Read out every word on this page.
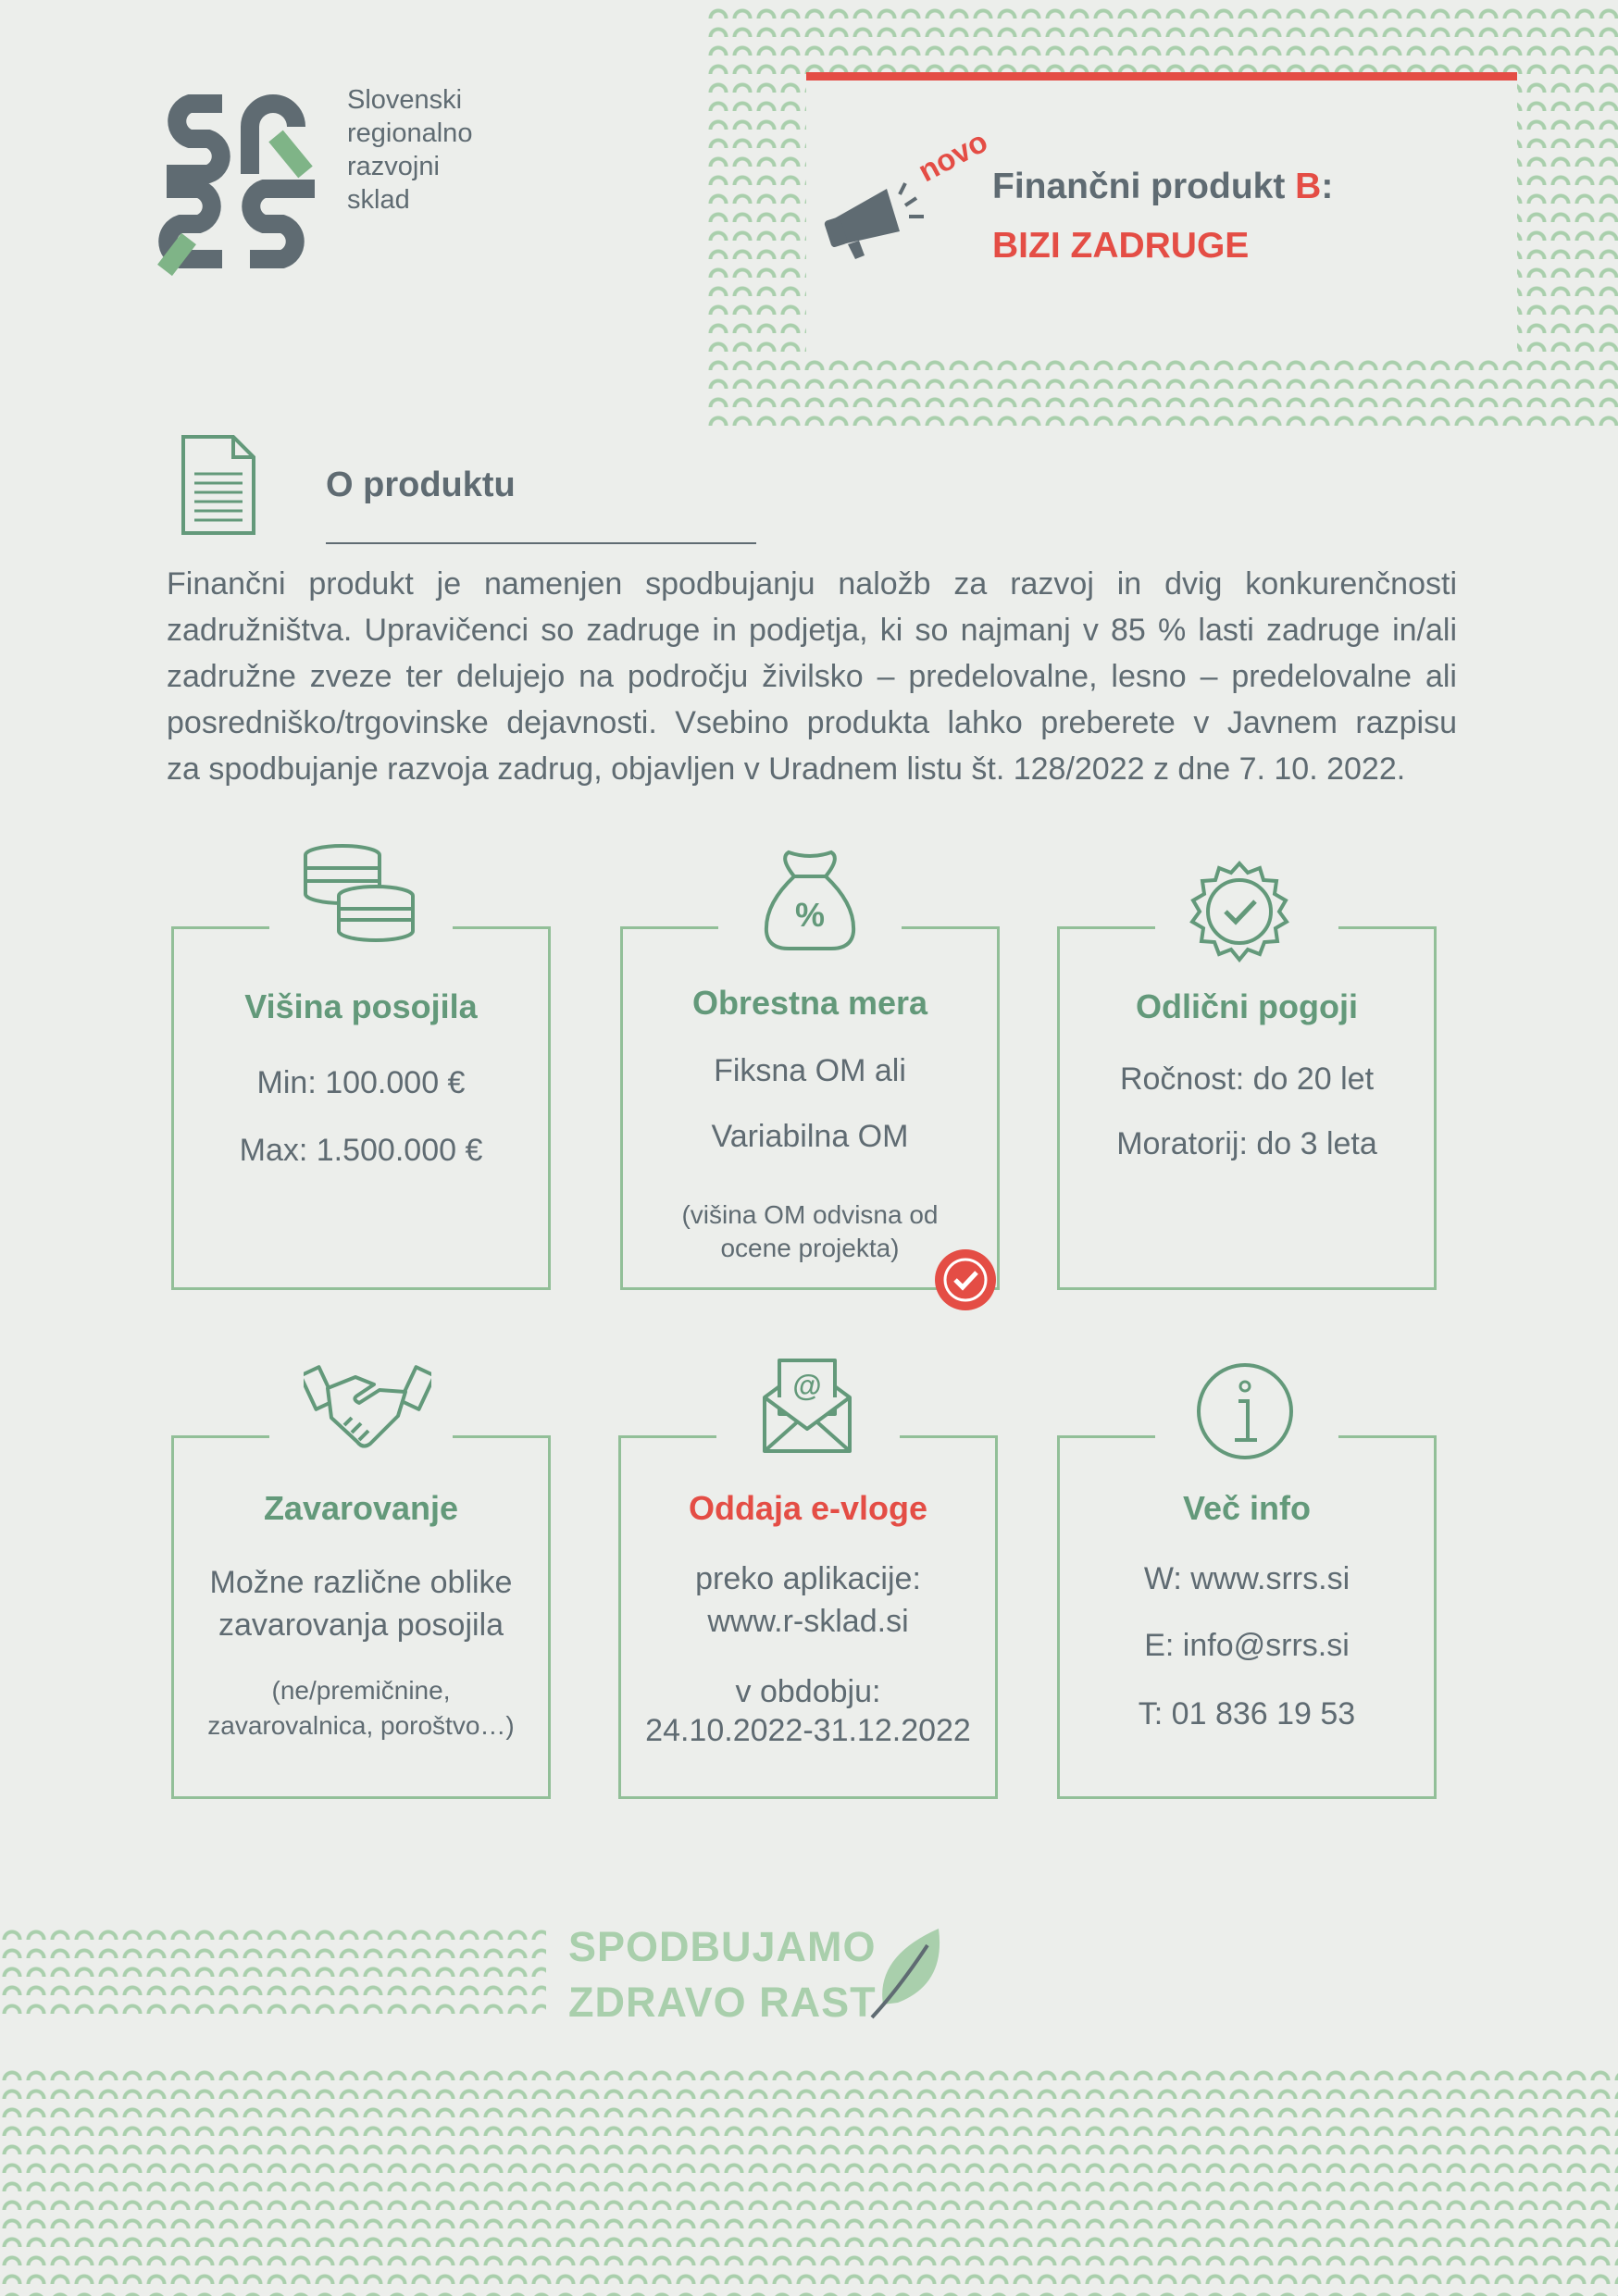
Slovenski
regionalno
razvojni
sklad
novo Finančni produkt B:
BIZI ZADRUGE
O produktu
Finančni produkt je namenjen spodbujanju naložb za razvoj in dvig konkurenčnosti
zadružništva. Upravičenci so zadruge in podjetja, ki so najmanj v 85 % lasti zadruge in/ali
zadružne zveze ter delujejo na področju živilsko – predelovalne, lesno – predelovalne ali
posredniško/trgovinske dejavnosti. Vsebino produkta lahko preberete v Javnem razpisu
za spodbujanje razvoja zadrug, objavljen v Uradnem listu št. 128/2022 z dne 7. 10. 2022.
Višina posojila
Min: 100.000 €
Max: 1.500.000 €
Obrestna mera
Fiksna OM ali
Variabilna OM
(višina OM odvisna od
ocene projekta)
%
Odlični pogoji
Ročnost: do 20 let
Moratorij: do 3 leta
Zavarovanje
Možne različne oblike
zavarovanja posojila
(ne/premičnine,
zavarovalnica, poroštvo…)
Oddaja e-vloge
preko aplikacije:
www.r-sklad.si
v obdobju:
24.10.2022-31.12.2022
@
Več info
W: www.srrs.si
E: info@srrs.si
T: 01 836 19 53
SPODBUJAMO
ZDRAVO RAST
